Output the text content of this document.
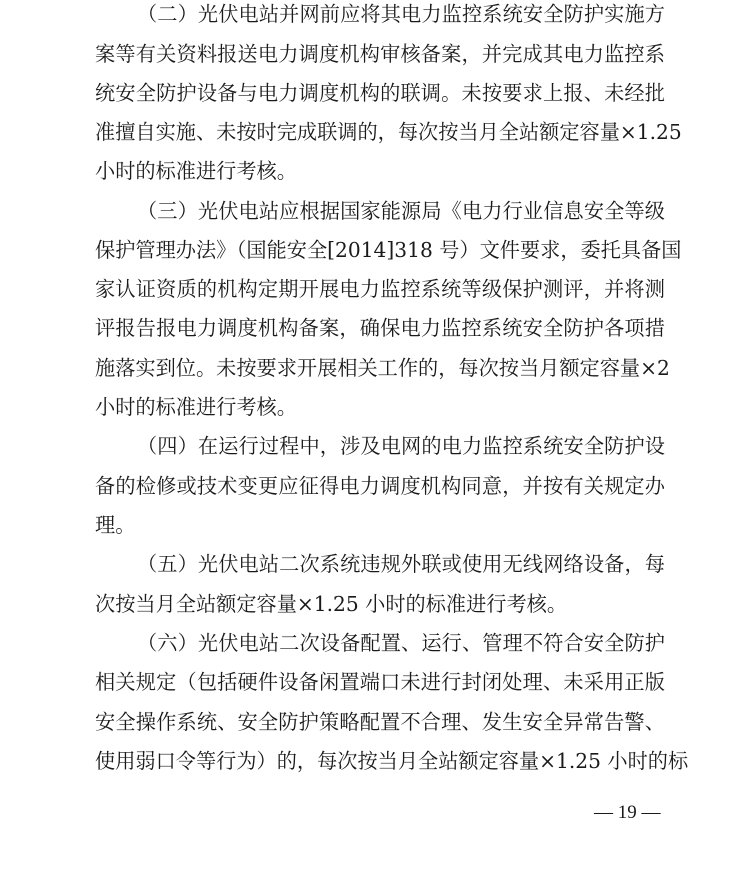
（二）光伏电站并网前应将其电力监控系统安全防护实施方
案等有关资料报送电力调度机构审核备案，并完成其电力监控系
统安全防护设备与电力调度机构的联调。未按要求上报、未经批
准擅自实施、未按时完成联调的，每次按当月全站额定容量×1.25
小时的标准进行考核。
（三）光伏电站应根据国家能源局《电力行业信息安全等级
保护管理办法》（国能安全[2014]318 号）文件要求，委托具备国
家认证资质的机构定期开展电力监控系统等级保护测评，并将测
评报告报电力调度机构备案，确保电力监控系统安全防护各项措
施落实到位。未按要求开展相关工作的，每次按当月额定容量×2
小时的标准进行考核。
（四）在运行过程中，涉及电网的电力监控系统安全防护设
备的检修或技术变更应征得电力调度机构同意，并按有关规定办
理。
（五）光伏电站二次系统违规外联或使用无线网络设备，每
次按当月全站额定容量×1.25 小时的标准进行考核。
（六）光伏电站二次设备配置、运行、管理不符合安全防护
相关规定（包括硬件设备闲置端口未进行封闭处理、未采用正版
安全操作系统、安全防护策略配置不合理、发生安全异常告警、
使用弱口令等行为）的，每次按当月全站额定容量×1.25 小时的标
— 19 —
